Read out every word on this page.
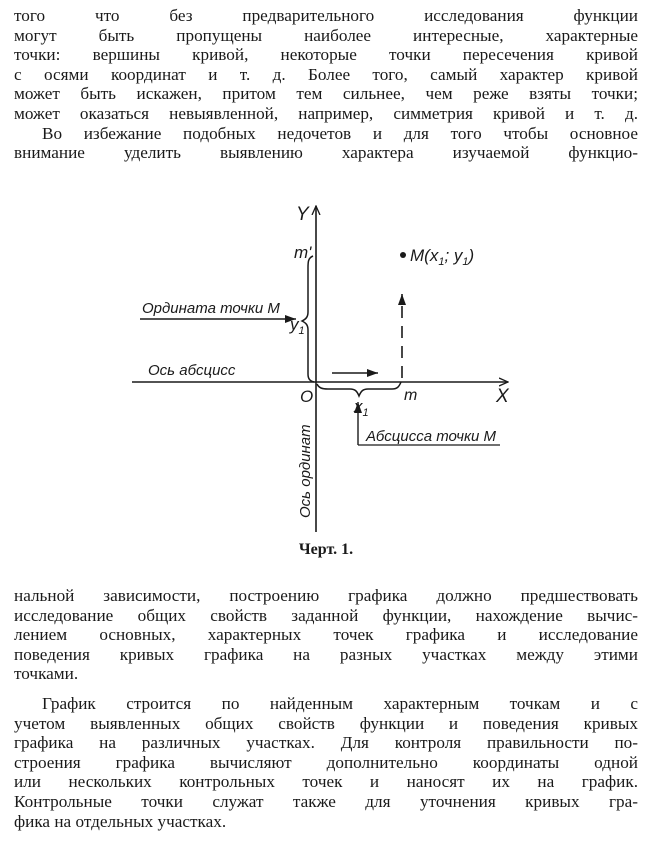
того что без предварительного исследования функции
могут быть пропущены наиболее интересные, характерные
точки: вершины кривой, некоторые точки пересечения кривой
с осями координат и т. д. Более того, самый характер кривой
может быть искажен, притом тем сильнее, чем реже взяты точки;
может оказаться невыявленной, например, симметрия кривой и т. д.
Во избежание подобных недочетов и для того чтобы основное
внимание уделить выявлению характера изучаемой функцио-
Y
X
O
m'
m
$y_1$
$x_1$
$M(x_1$; $y_1$)
Ордината точки М
Ось абсцисс
Абсцисса точки М
Ось ординат
Черт. 1.
нальной зависимости, построению графика должно предшествовать
исследование общих свойств заданной функции, нахождение вычис-
лением основных, характерных точек графика и исследование
поведения кривых графика на разных участках между этими
точками.
График строится по найденным характерным точкам и с
учетом выявленных общих свойств функции и поведения кривых
графика на различных участках. Для контроля правильности по-
строения графика вычисляют дополнительно координаты одной
или нескольких контрольных точек и наносят их на график.
Контрольные точки служат также для уточнения кривых гра-
фика на отдельных участках.
